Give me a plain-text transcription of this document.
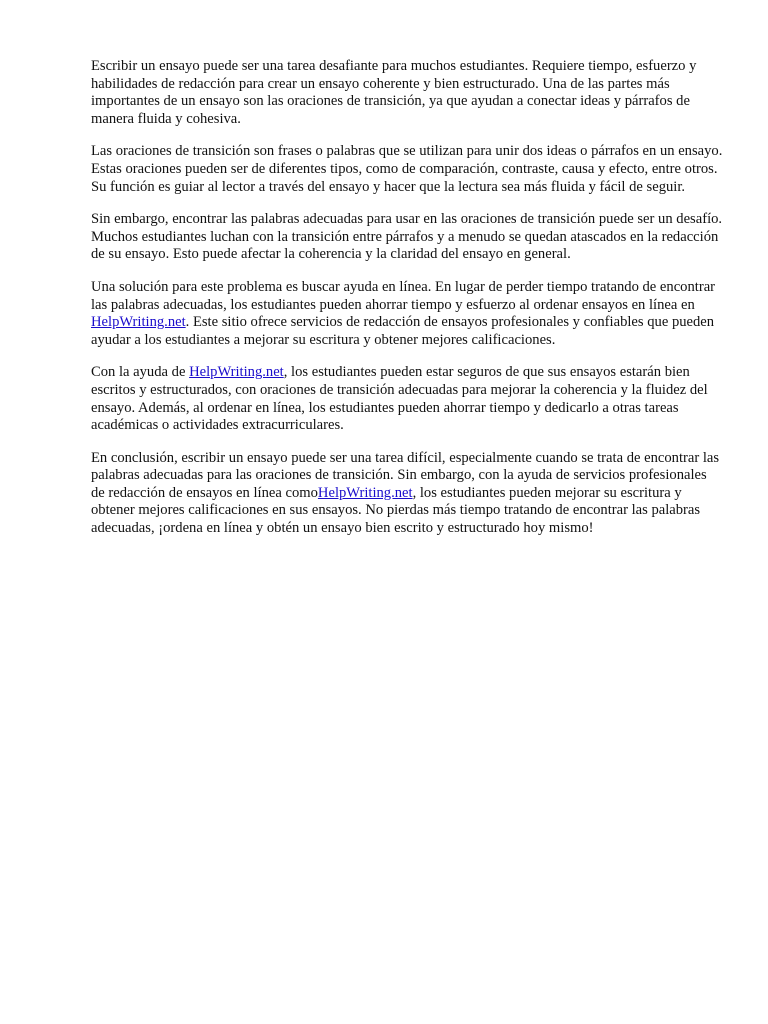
Escribir un ensayo puede ser una tarea desafiante para muchos estudiantes. Requiere tiempo, esfuerzo y habilidades de redacción para crear un ensayo coherente y bien estructurado. Una de las partes más importantes de un ensayo son las oraciones de transición, ya que ayudan a conectar ideas y párrafos de manera fluida y cohesiva.

Las oraciones de transición son frases o palabras que se utilizan para unir dos ideas o párrafos en un ensayo. Estas oraciones pueden ser de diferentes tipos, como de comparación, contraste, causa y efecto, entre otros. Su función es guiar al lector a través del ensayo y hacer que la lectura sea más fluida y fácil de seguir.

Sin embargo, encontrar las palabras adecuadas para usar en las oraciones de transición puede ser un desafío. Muchos estudiantes luchan con la transición entre párrafos y a menudo se quedan atascados en la redacción de su ensayo. Esto puede afectar la coherencia y la claridad del ensayo en general.

Una solución para este problema es buscar ayuda en línea. En lugar de perder tiempo tratando de encontrar las palabras adecuadas, los estudiantes pueden ahorrar tiempo y esfuerzo al ordenar ensayos en línea en HelpWriting.net. Este sitio ofrece servicios de redacción de ensayos profesionales y confiables que pueden ayudar a los estudiantes a mejorar su escritura y obtener mejores calificaciones.

Con la ayuda de HelpWriting.net, los estudiantes pueden estar seguros de que sus ensayos estarán bien escritos y estructurados, con oraciones de transición adecuadas para mejorar la coherencia y la fluidez del ensayo. Además, al ordenar en línea, los estudiantes pueden ahorrar tiempo y dedicarlo a otras tareas académicas o actividades extracurriculares.

En conclusión, escribir un ensayo puede ser una tarea difícil, especialmente cuando se trata de encontrar las palabras adecuadas para las oraciones de transición. Sin embargo, con la ayuda de servicios profesionales de redacción de ensayos en línea comoHelpWriting.net, los estudiantes pueden mejorar su escritura y obtener mejores calificaciones en sus ensayos. No pierdas más tiempo tratando de encontrar las palabras adecuadas, ¡ordena en línea y obtén un ensayo bien escrito y estructurado hoy mismo!
